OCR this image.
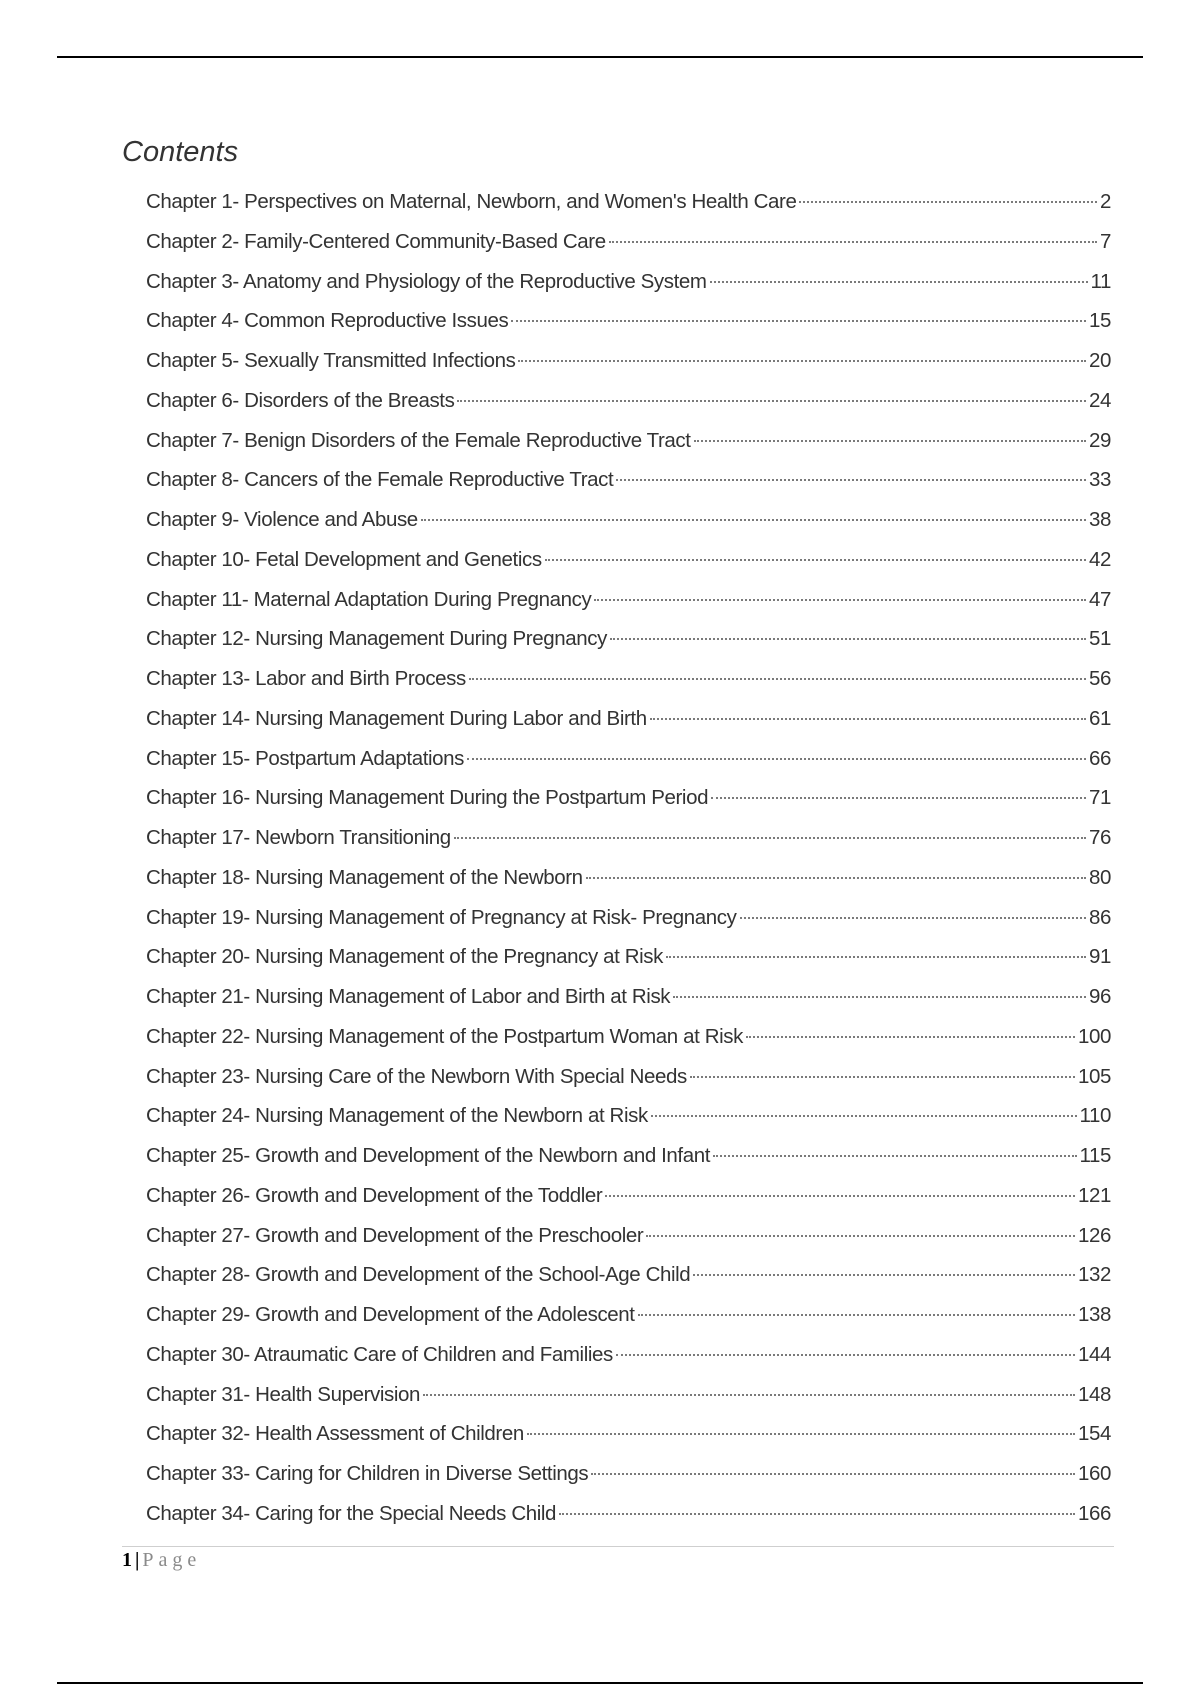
Contents
Chapter 1- Perspectives on Maternal, Newborn, and Women's Health Care	2
Chapter 2- Family-Centered Community-Based Care	7
Chapter 3- Anatomy and Physiology of the Reproductive System	11
Chapter 4- Common Reproductive Issues	15
Chapter 5- Sexually Transmitted Infections	20
Chapter 6- Disorders of the Breasts	24
Chapter 7- Benign Disorders of the Female Reproductive Tract	29
Chapter 8- Cancers of the Female Reproductive Tract	33
Chapter 9- Violence and Abuse	38
Chapter 10- Fetal Development and Genetics	42
Chapter 11- Maternal Adaptation During Pregnancy	47
Chapter 12- Nursing Management During Pregnancy	51
Chapter 13- Labor and Birth Process	56
Chapter 14- Nursing Management During Labor and Birth	61
Chapter 15- Postpartum Adaptations	66
Chapter 16- Nursing Management During the Postpartum Period	71
Chapter 17- Newborn Transitioning	76
Chapter 18- Nursing Management of the Newborn	80
Chapter 19- Nursing Management of Pregnancy at Risk- Pregnancy	86
Chapter 20- Nursing Management of the Pregnancy at Risk	91
Chapter 21- Nursing Management of Labor and Birth at Risk	96
Chapter 22- Nursing Management of the Postpartum Woman at Risk	100
Chapter 23- Nursing Care of the Newborn With Special Needs	105
Chapter 24- Nursing Management of the Newborn at Risk	110
Chapter 25- Growth and Development of the Newborn and Infant	115
Chapter 26- Growth and Development of the Toddler	121
Chapter 27- Growth and Development of the Preschooler	126
Chapter 28- Growth and Development of the School-Age Child	132
Chapter 29- Growth and Development of the Adolescent	138
Chapter 30- Atraumatic Care of Children and Families	144
Chapter 31- Health Supervision	148
Chapter 32- Health Assessment of Children	154
Chapter 33- Caring for Children in Diverse Settings	160
Chapter 34- Caring for the Special Needs Child	166
1 | Page
